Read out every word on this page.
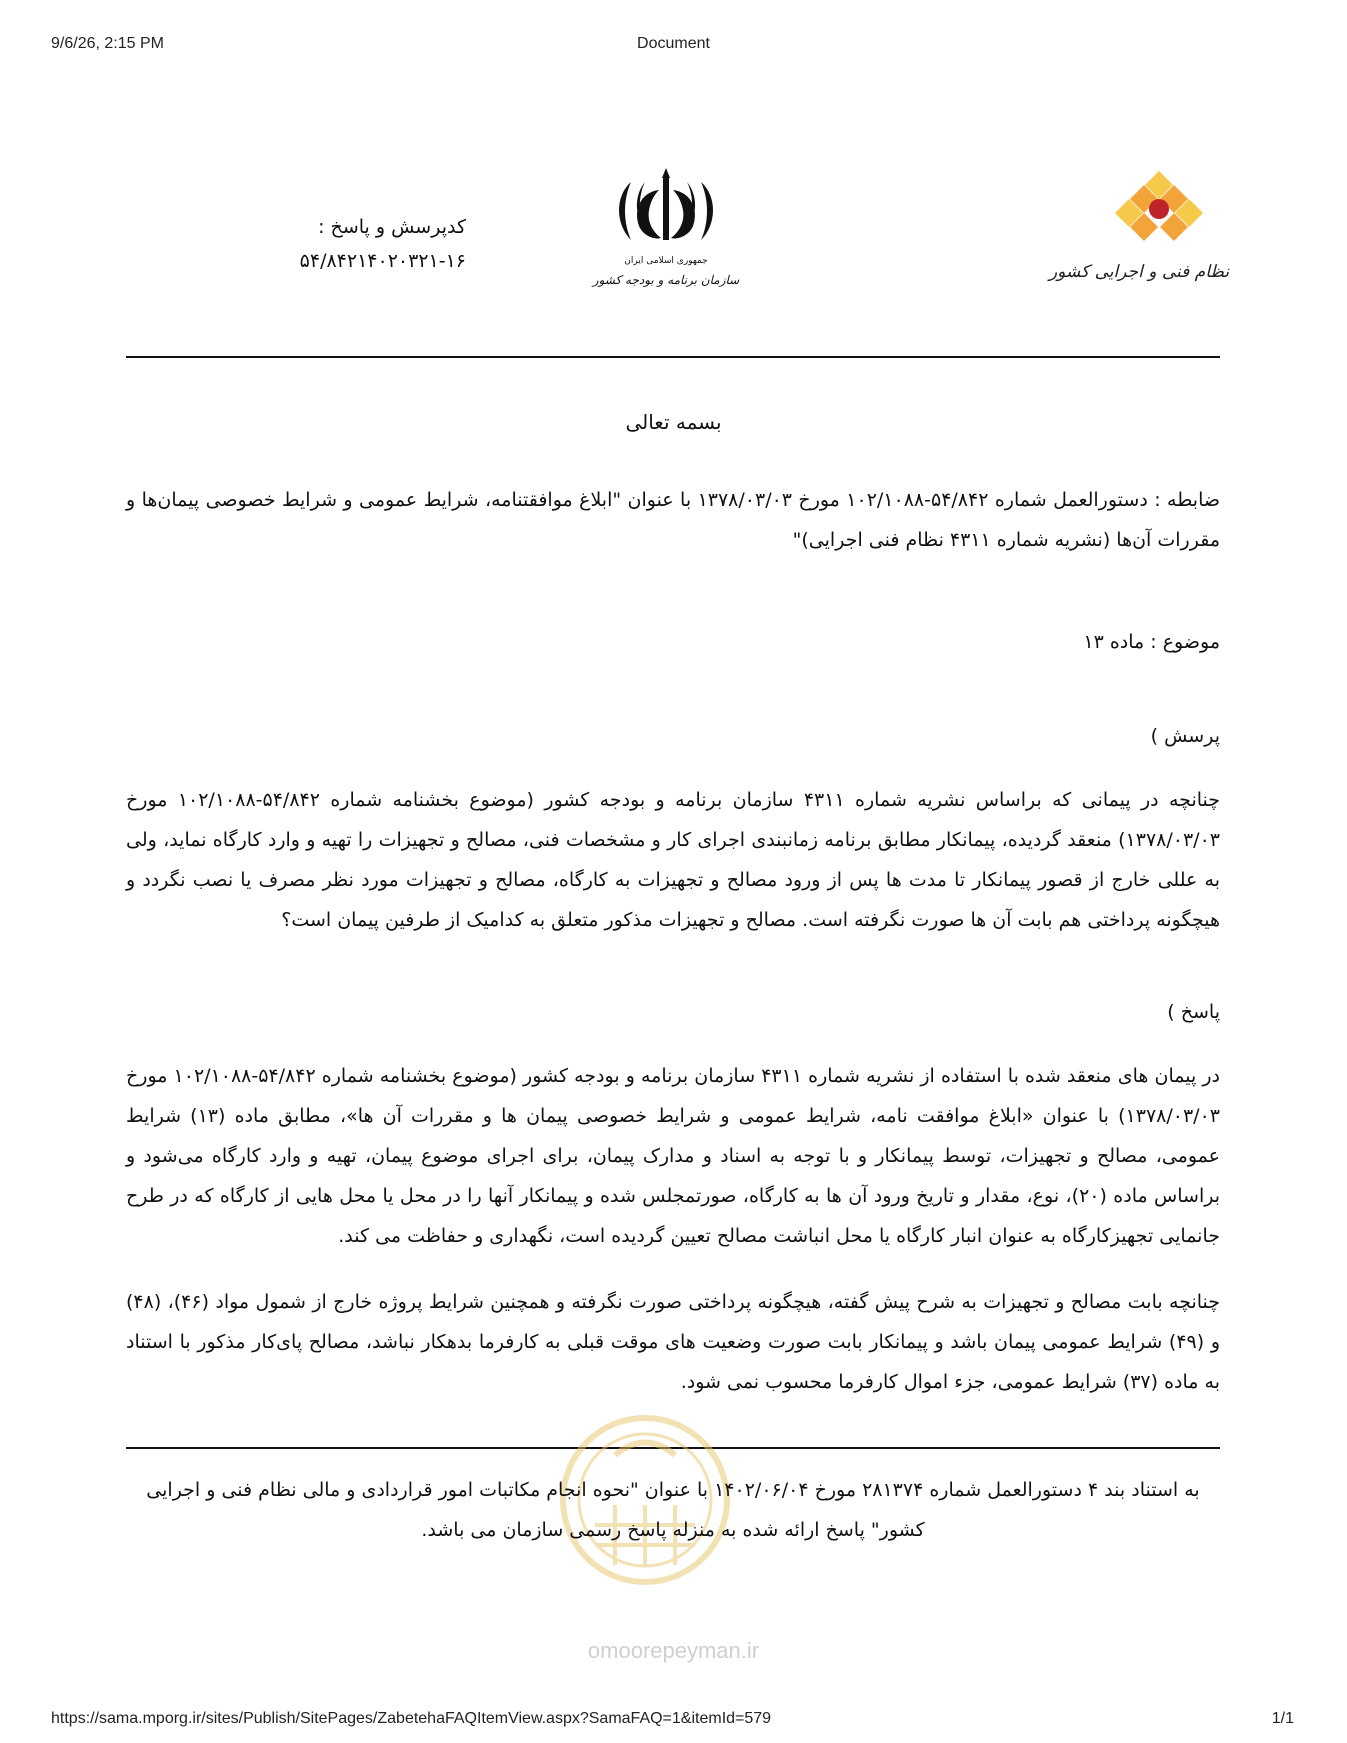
9/6/26, 2:15 PM	Document
کدپرسش و پاسخ :
۵۴/۸۴۲۱۴۰۲۰۳۲۱-۱۶	جمهوری اسلامی ایران
سازمان برنامه و بودجه کشور	نظام فنی و اجرایی کشور
بسمه تعالی
ضابطه : دستورالعمل شماره ۵۴/۸۴۲-۱۰۲/۱۰۸۸ مورخ ۱۳۷۸/۰۳/۰۳ با عنوان "ابلاغ موافقتنامه، شرایط عمومی و شرایط خصوصی پیمان‌ها و مقررات آن‌ها (نشریه شماره ۴۳۱۱ نظام فنی اجرایی)"
موضوع : ماده ۱۳
پرسش )
چنانچه در پیمانی که براساس نشریه شماره ۴۳۱۱ سازمان برنامه و بودجه کشور (موضوع بخشنامه شماره ۵۴/۸۴۲-۱۰۲/۱۰۸۸ مورخ ۱۳۷۸/۰۳/۰۳) منعقد گردیده، پیمانکار مطابق برنامه زمانبندی اجرای کار و مشخصات فنی، مصالح و تجهیزات را تهیه و وارد کارگاه نماید، ولی به عللی خارج از قصور پیمانکار تا مدت ها پس از ورود مصالح و تجهیزات به کارگاه، مصالح و تجهیزات مورد نظر مصرف یا نصب نگردد و هیچگونه پرداختی هم بابت آن ها صورت نگرفته است. مصالح و تجهیزات مذکور متعلق به کدامیک از طرفین پیمان است؟
پاسخ )
در پیمان های منعقد شده با استفاده از نشریه شماره ۴۳۱۱ سازمان برنامه و بودجه کشور (موضوع بخشنامه شماره ۵۴/۸۴۲-۱۰۲/۱۰۸۸ مورخ ۱۳۷۸/۰۳/۰۳) با عنوان «ابلاغ موافقت نامه، شرایط عمومی و شرایط خصوصی پیمان ها و مقررات آن ها»، مطابق ماده (۱۳) شرایط عمومی، مصالح و تجهیزات، توسط پیمانکار و با توجه به اسناد و مدارک پیمان، برای اجرای موضوع پیمان، تهیه و وارد کارگاه می‌شود و براساس ماده (۲۰)، نوع، مقدار و تاریخ ورود آن ها به کارگاه، صورتمجلس شده و پیمانکار آنها را در محل یا محل هایی از کارگاه که در طرح جانمایی تجهیزکارگاه به عنوان انبار کارگاه یا محل انباشت مصالح تعیین گردیده است، نگهداری و حفاظت می کند.
چنانچه بابت مصالح و تجهیزات به شرح پیش گفته، هیچگونه پرداختی صورت نگرفته و همچنین شرایط پروژه خارج از شمول مواد (۴۶)، (۴۸) و (۴۹) شرایط عمومی پیمان باشد و پیمانکار بابت صورت وضعیت های موقت قبلی به کارفرما بدهکار نباشد، مصالح پای‌کار مذکور با استناد به ماده (۳۷) شرایط عمومی، جزء اموال کارفرما محسوب نمی شود.
به استناد بند ۴ دستورالعمل شماره ۲۸۱۳۷۴ مورخ ۱۴۰۲/۰۶/۰۴ با عنوان "نحوه انجام مکاتبات امور قراردادی و مالی نظام فنی و اجرایی کشور" پاسخ ارائه شده به منزله پاسخ رسمی سازمان می باشد.
omoorepeyman.ir
https://sama.mporg.ir/sites/Publish/SitePages/ZabetehaFAQItemView.aspx?SamaFAQ=1&itemId=579	1/1
